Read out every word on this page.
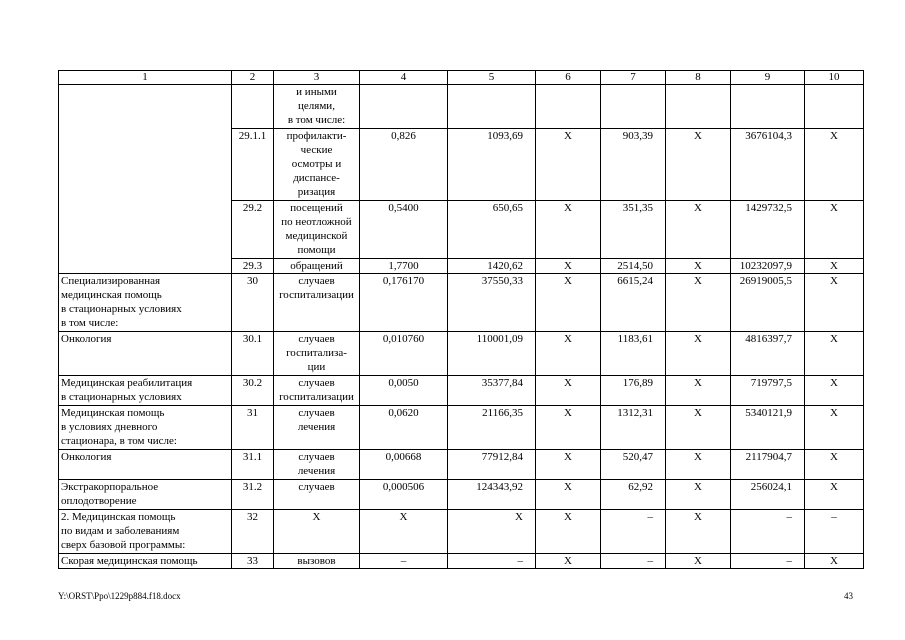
1	2	3	4	5	6	7	8	9	10
		и иными
целями,
в том числе:							
	29.1.1	профилакти-
ческие
осмотры и
диспансе-
ризация	0,826	1093,69	Х	903,39	Х	3676104,3	Х
	29.2	посещений
по неотложной
медицинской
помощи	0,5400	650,65	Х	351,35	Х	1429732,5	Х
	29.3	обращений	1,7700	1420,62	Х	2514,50	Х	10232097,9	Х
Специализированная
медицинская помощь
в стационарных условиях
в том числе:	30	случаев
госпитализации	0,176170	37550,33	Х	6615,24	Х	26919005,5	Х
Онкология	30.1	случаев
госпитализа-
ции	0,010760	110001,09	Х	1183,61	Х	4816397,7	Х
Медицинская реабилитация
в стационарных условиях	30.2	случаев
госпитализации	0,0050	35377,84	Х	176,89	Х	719797,5	Х
Медицинская помощь
в условиях дневного
стационара, в том числе:	31	случаев
лечения	0,0620	21166,35	Х	1312,31	Х	5340121,9	Х
Онкология	31.1	случаев
лечения	0,00668	77912,84	Х	520,47	Х	2117904,7	Х
Экстракорпоральное
оплодотворение	31.2	случаев	0,000506	124343,92	Х	62,92	Х	256024,1	Х
2. Медицинская помощь
по видам и заболеваниям
сверх базовой программы:	32	Х	Х	Х	Х	–	Х	–	–
Скорая медицинская помощь	33	вызовов	–	–	Х	–	Х	–	Х
Y:\ORST\Ppo\1229p884.f18.docx	43
